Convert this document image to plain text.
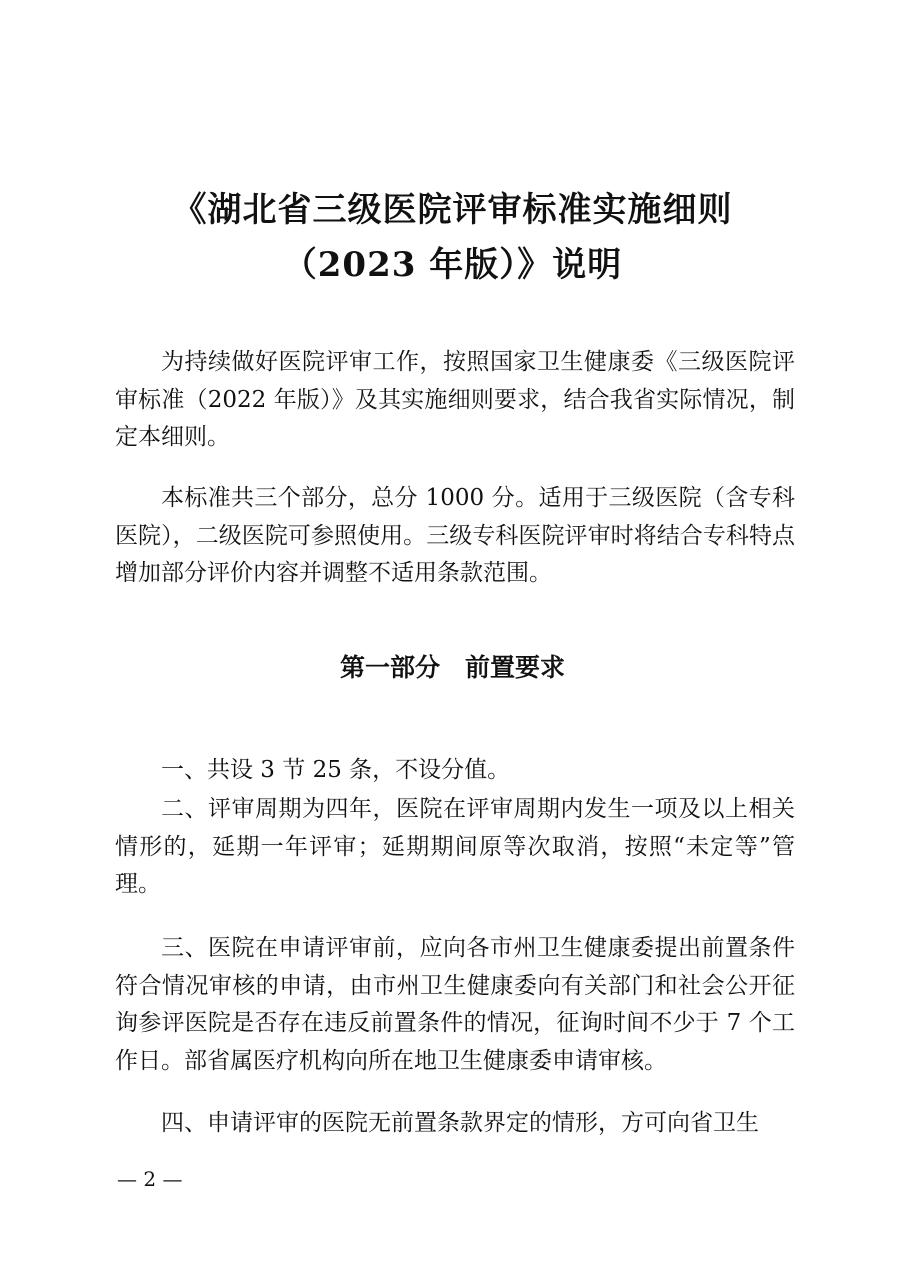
《湖北省三级医院评审标准实施细则
（2023 年版）》说明

为持续做好医院评审工作，按照国家卫生健康委《三级医院评审标准（2022 年版）》及其实施细则要求，结合我省实际情况，制定本细则。

本标准共三个部分，总分 1000 分。适用于三级医院（含专科医院），二级医院可参照使用。三级专科医院评审时将结合专科特点增加部分评价内容并调整不适用条款范围。

第一部分　前置要求

一、共设 3 节 25 条，不设分值。

二、评审周期为四年，医院在评审周期内发生一项及以上相关情形的，延期一年评审；延期期间原等次取消，按照“未定等”管理。

三、医院在申请评审前，应向各市州卫生健康委提出前置条件符合情况审核的申请，由市州卫生健康委向有关部门和社会公开征询参评医院是否存在违反前置条件的情况，征询时间不少于 7 个工作日。部省属医疗机构向所在地卫生健康委申请审核。

四、申请评审的医院无前置条款界定的情形，方可向省卫生

— 2 —
